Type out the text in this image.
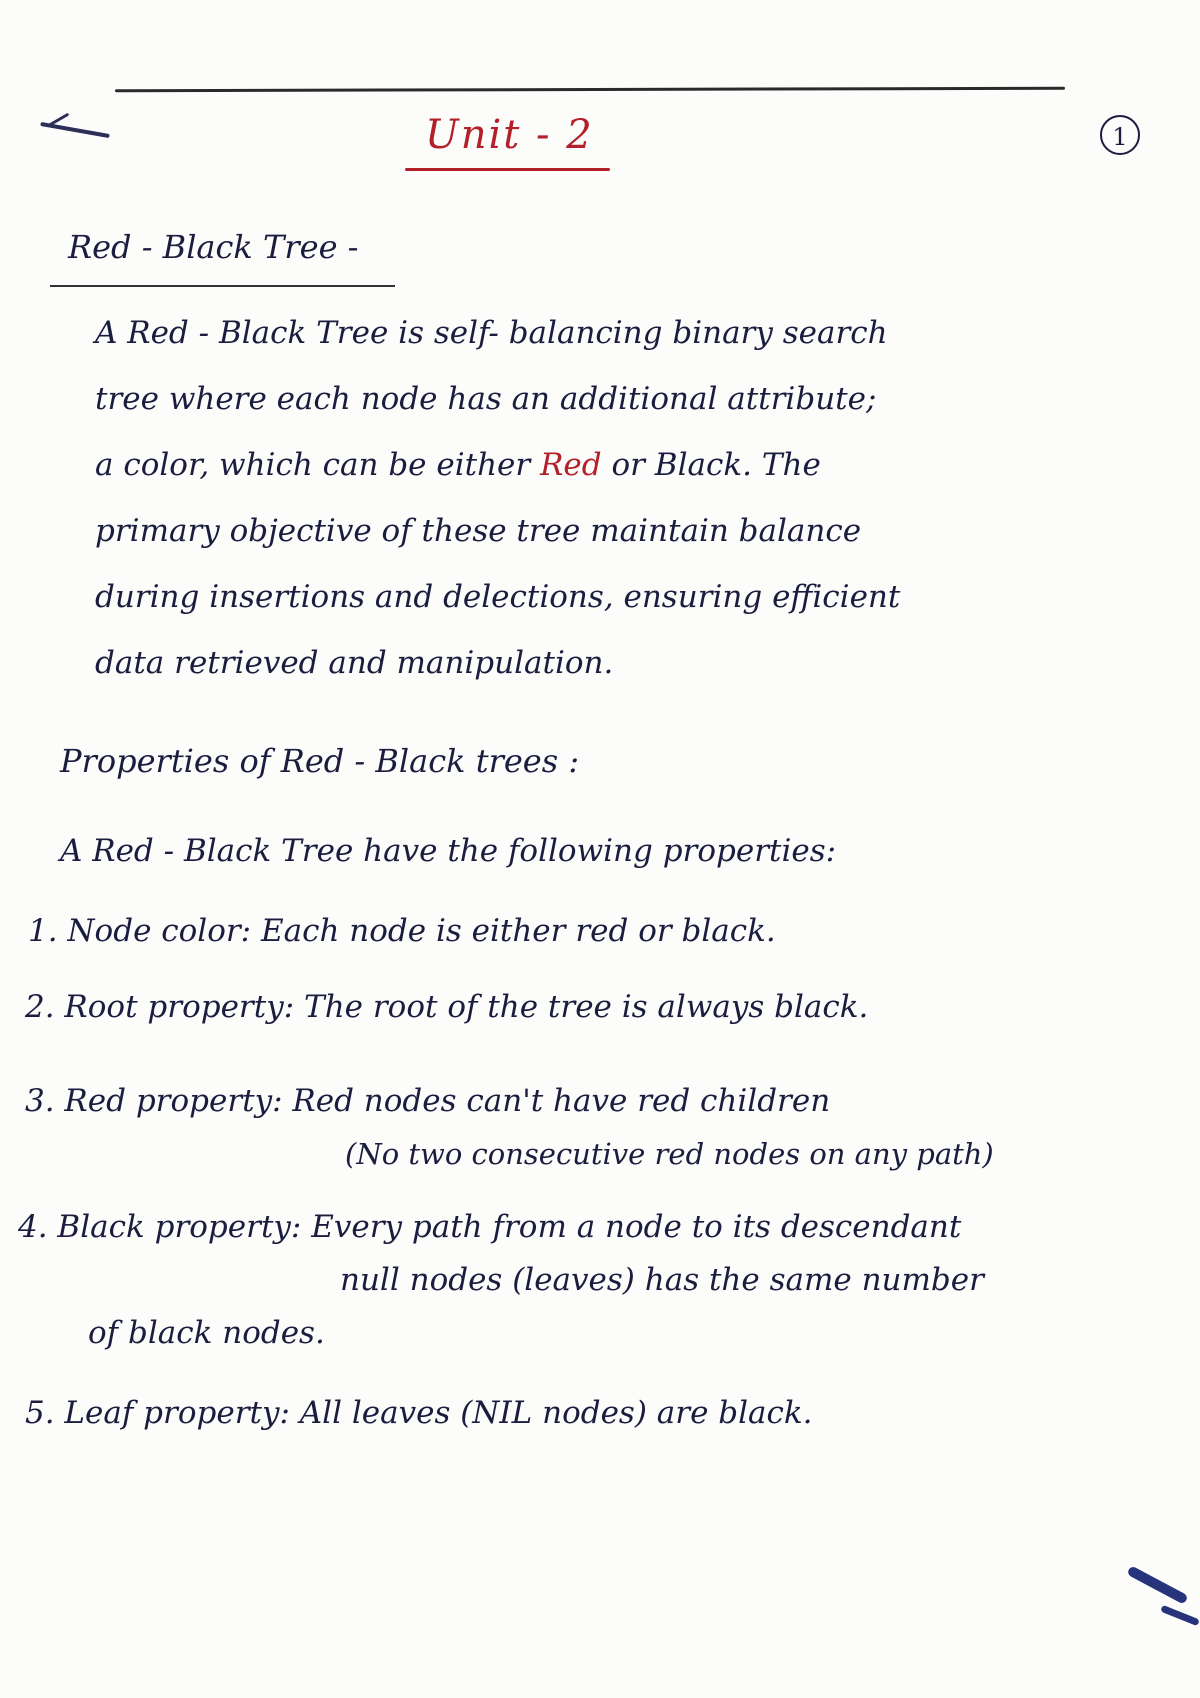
Unit - 2	1
Red - Black Tree -
A Red - Black Tree is self- balancing binary search
tree where each node has an additional attribute;
a color, which can be either Red or Black. The
primary objective of these tree maintain balance
during insertions and delections, ensuring efficient
data retrieved and manipulation.
Properties of Red - Black trees :
A Red - Black Tree have the following properties:
1. Node color: Each node is either red or black.
2. Root property: The root of the tree is always black.
3. Red property: Red nodes can't have red children
(No two consecutive red nodes on any path)
4. Black property: Every path from a node to its descendant
null nodes (leaves) has the same number
of black nodes.
5. Leaf property: All leaves (NIL nodes) are black.
